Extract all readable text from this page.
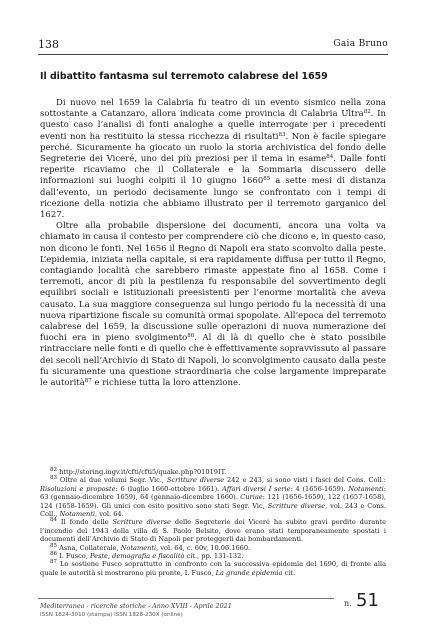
138	Gaia Bruno
Il dibattito fantasma sul terremoto calabrese del 1659

Di nuovo nel 1659 la Calabria fu teatro di un evento sismico nella zona sottostante a Catanzaro, allora indicata come provincia di Calabria Ultra$^{82}$. In questo caso l’analisi di fonti analoghe a quelle interrogate per i precedenti eventi non ha restituito la stessa ricchezza di risultati$^{83}$. Non è facile spiegare perché. Sicuramente ha giocato un ruolo la storia archivistica del fondo delle Segreterie dei Viceré, uno dei più preziosi per il tema in esame$^{84}$. Dalle fonti reperite ricaviamo che il Collaterale e la Sommaria discussero delle informazioni sui luoghi colpiti il 10 giugno 1660$^{85}$ a sette mesi di distanza dall’evento, un periodo decisamente lungo se confrontato con i tempi di ricezione della notizia che abbiamo illustrato per il terremoto garganico del 1627.

Oltre alla probabile dispersione dei documenti, ancora una volta va chiamato in causa il contesto per comprendere ciò che dicono e, in questo caso, non dicono le fonti. Nel 1656 il Regno di Napoli era stato sconvolto dalla peste. L’epidemia, iniziata nella capitale, si era rapidamente diffusa per tutto il Regno, contagiando località che sarebbero rimaste appestate fino al 1658. Come i terremoti, ancor di più la pestilenza fu responsabile del sovvertimento degli equilibri sociali e istituzionali preesistenti per l’enorme mortalità che aveva causato. La sua maggiore conseguenza sul lungo periodo fu la necessità di una nuova ripartizione fiscale su comunità ormai spopolate. All’epoca del terremoto calabrese del 1659, la discussione sulle operazioni di nuova numerazione dei fuochi era in pieno svolgimento$^{86}$. Al di là di quello che è stato possibile rintracciare nelle fonti e di quello che è effettivamente sopravvissuto al passare dei secoli nell’Archivio di Stato di Napoli, lo sconvolgimento causato dalla peste fu sicuramente una questione straordinaria che colse largamente impreparate le autorità$^{87}$ e richiese tutta la loro attenzione.

$^{82}$ http://storing.ingv.it/cfti/cfti5/quake.php?01019IT.

$^{83}$ Oltre ai due volumi Segr. Vic., Scritture diverse 242 e 243, si sono visti i fasci del Cons. Coll.: Risoluzioni e proposte: 6 (luglio 1660-ottobre 1661). Affari diversi I serie: 4 (1656-1659). Notamenti: 63 (gennaio-dicembre 1659), 64 (gennaio-dicembre 1660). Curiae: 121 (1656-1659), 122 (1657-1658), 124 (1658-1659). Gli unici con esito positivo sono stati Segr. Vic, Scritture diverse, vol. 243 e Cons. Coll., Notamenti, vol. 64.

$^{84}$ Il fondo delle Scritture diverse delle Segreterie dei Viceré ha subito gravi perdite durante l’incendio del 1943 della villa di S. Paolo Belsito, dove erano stati temporaneamente spostati i documenti dell’Archivio di Stato di Napoli per proteggerli dai bombardamenti.

$^{85}$ Asna, Collaterale, Notamenti, vol. 64, c. 60v, 10.06.1660.

$^{86}$ I. Fusco, Peste, demografia e fiscalità cit., pp. 131-132.

$^{87}$ Lo sostiene Fusco soprattutto in confronto con la successiva epidemia del 1690, di fronte alla quale le autorità si mostrarono più pronte, I. Fusco, La grande epidemia cit.

Mediterranea - ricerche storiche - Anno XVIII - Aprile 2021
ISSN 1824-3010 (stampa) ISSN 1828-230X (online)
n. 51
